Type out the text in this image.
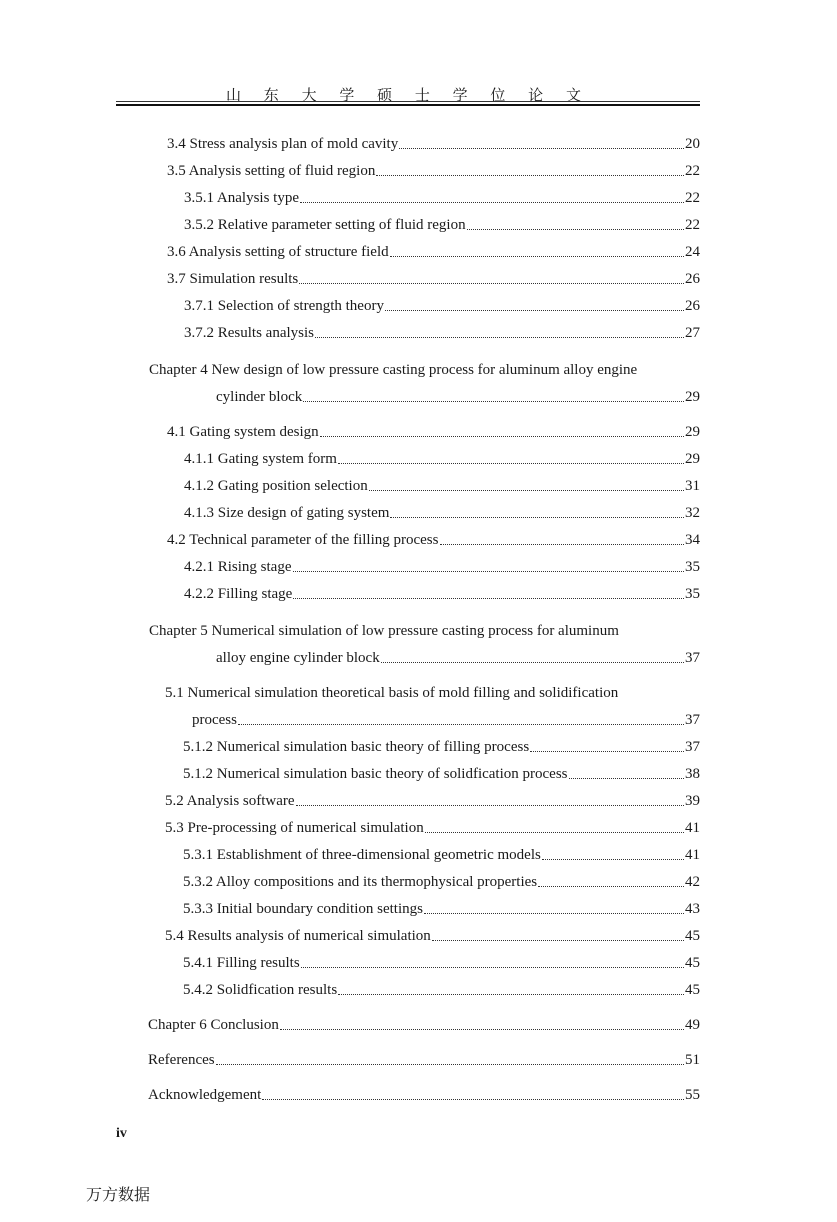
山 东 大 学 硕 士 学 位 论 文
3.4 Stress analysis plan of mold cavity	20
3.5 Analysis setting of fluid region	22
3.5.1 Analysis type	22
3.5.2 Relative parameter setting of fluid region	22
3.6 Analysis setting of structure field	24
3.7 Simulation results	26
3.7.1 Selection of strength theory	26
3.7.2 Results analysis	27
Chapter 4 New design of low pressure casting process for aluminum alloy engine
cylinder block	29
4.1 Gating system design	29
4.1.1 Gating system form	29
4.1.2 Gating position selection	31
4.1.3 Size design of gating system	32
4.2 Technical parameter of the filling process	34
4.2.1 Rising stage	35
4.2.2 Filling stage	35
Chapter 5 Numerical simulation of low pressure casting process for aluminum
alloy engine cylinder block	37
5.1 Numerical simulation theoretical basis of mold filling and solidification
process	37
5.1.2 Numerical simulation basic theory of filling process	37
5.1.2 Numerical simulation basic theory of solidfication process	38
5.2 Analysis software	39
5.3 Pre-processing of numerical simulation	41
5.3.1 Establishment of three-dimensional geometric models	41
5.3.2 Alloy compositions and its thermophysical properties	42
5.3.3 Initial boundary condition settings	43
5.4 Results analysis of numerical simulation	45
5.4.1 Filling results	45
5.4.2 Solidfication results	45
Chapter 6 Conclusion	49
References	51
Acknowledgement	55
iv
万方数据
